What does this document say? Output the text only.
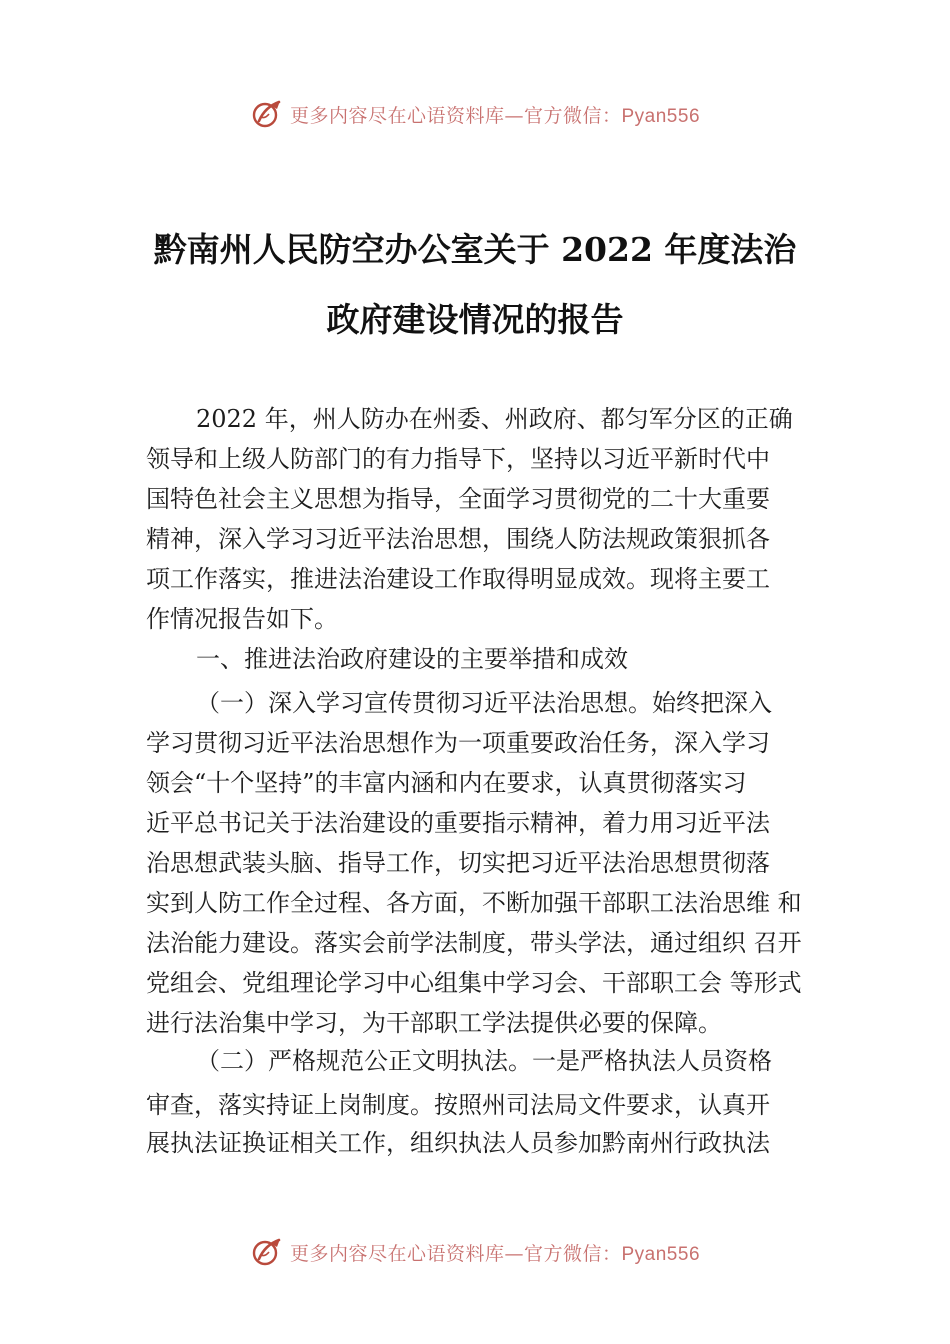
更多内容尽在心语资料库—官方微信：Pyan556
黔南州人民防空办公室关于 2022 年度法治
政府建设情况的报告
2022 年，州人防办在州委、州政府、都匀军分区的正确
领导和上级人防部门的有力指导下，坚持以习近平新时代中
国特色社会主义思想为指导，全面学习贯彻党的二十大重要
精神，深入学习习近平法治思想，围绕人防法规政策狠抓各
项工作落实，推进法治建设工作取得明显成效。现将主要工
作情况报告如下。
一、推进法治政府建设的主要举措和成效
（一）深入学习宣传贯彻习近平法治思想。始终把深入
学习贯彻习近平法治思想作为一项重要政治任务，深入学习
领会“十个坚持”的丰富内涵和内在要求，认真贯彻落实习
近平总书记关于法治建设的重要指示精神，着力用习近平法
治思想武装头脑、指导工作，切实把习近平法治思想贯彻落
实到人防工作全过程、各方面，不断加强干部职工法治思维 和
法治能力建设。落实会前学法制度，带头学法，通过组织 召开
党组会、党组理论学习中心组集中学习会、干部职工会 等形式
进行法治集中学习，为干部职工学法提供必要的保障。
（二）严格规范公正文明执法。一是严格执法人员资格
审查，落实持证上岗制度。按照州司法局文件要求，认真开
展执法证换证相关工作，组织执法人员参加黔南州行政执法
更多内容尽在心语资料库—官方微信：Pyan556
